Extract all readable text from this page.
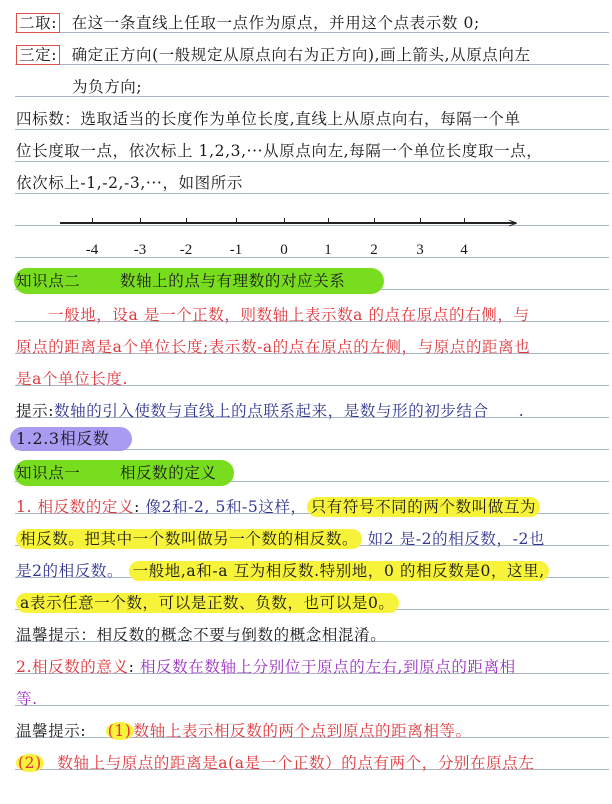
二取: 在这一条直线上任取一点作为原点，并用这个点表示数 0;
三定: 确定正方向(一般规定从原点向右为正方向),画上箭头,从原点向左
为负方向;
四标数：选取适当的长度作为单位长度,直线上从原点向右，每隔一个单
位长度取一点，依次标上 1,2,3,···从原点向左,每隔一个单位长度取一点，
依次标上-1,-2,-3,···，如图所示
>
-4 -3 -2	-1	0 1	2	3 4
知识点二	数轴上的点与有理数的对应关系
一般地，设a 是一个正数，则数轴上表示数a 的点在原点的右侧，与
原点的距离是a个单位长度;表示数-a的点在原点的左侧，与原点的距离也
是a个单位长度.
提示:数轴的引入使数与直线上的点联系起来，是数与形的初步结合 .
1.2.3相反数
知识点一	相反数的定义
1. 相反数的定义: 像2和-2, 5和-5这样， 只有符号不同的两个数叫做互为
相反数。把其中一个数叫做另一个数的相反数。 如2 是-2的相反数，-2也
是2的相反数。 一般地,a和-a 互为相反数.特别地，0 的相反数是0，这里,
a表示任意一个数，可以是正数、负数，也可以是0。
温馨提示：相反数的概念不要与倒数的概念相混淆。
2.相反数的意义: 相反数在数轴上分别位于原点的左右,到原点的距离相
等.
温馨提示: (1) 数轴上表示相反数的两个点到原点的距离相等。
(2) 数轴上与原点的距离是a(a是一个正数）的点有两个，分别在原点左
